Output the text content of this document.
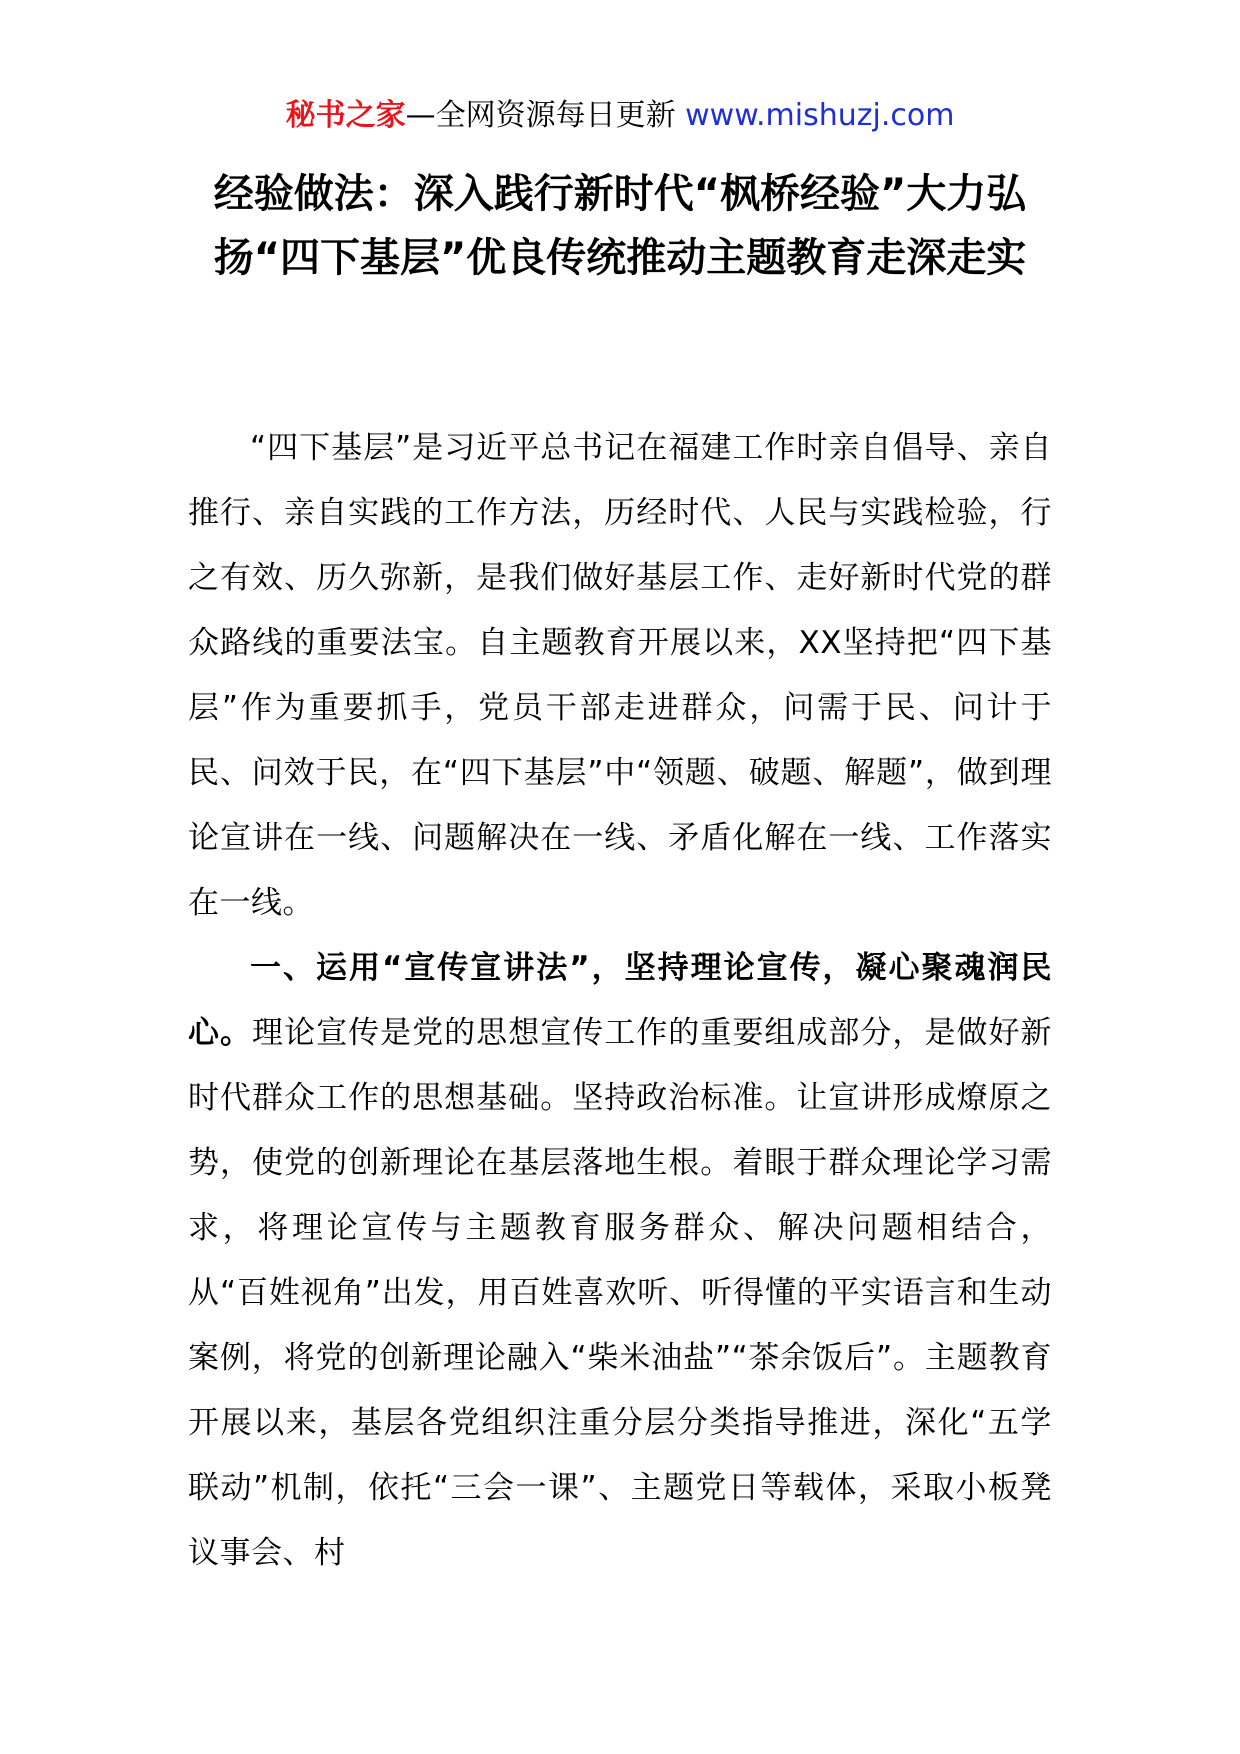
秘书之家—全网资源每日更新 www.mishuzj.com
经验做法：深入践行新时代“枫桥经验”大力弘扬“四下基层”优良传统推动主题教育走深走实

“四下基层”是习近平总书记在福建工作时亲自倡导、亲自推行、亲自实践的工作方法，历经时代、人民与实践检验，行之有效、历久弥新，是我们做好基层工作、走好新时代党的群众路线的重要法宝。自主题教育开展以来，XX坚持把“四下基层”作为重要抓手，党员干部走进群众，问需于民、问计于民、问效于民，在“四下基层”中“领题、破题、解题”，做到理论宣讲在一线、问题解决在一线、矛盾化解在一线、工作落实在一线。

一、运用“宣传宣讲法”，坚持理论宣传，凝心聚魂润民心。理论宣传是党的思想宣传工作的重要组成部分，是做好新时代群众工作的思想基础。坚持政治标准。让宣讲形成燎原之势，使党的创新理论在基层落地生根。着眼于群众理论学习需求，将理论宣传与主题教育服务群众、解决问题相结合，从“百姓视角”出发，用百姓喜欢听、听得懂的平实语言和生动案例，将党的创新理论融入“柴米油盐”“茶余饭后”。主题教育开展以来，基层各党组织注重分层分类指导推进，深化“五学联动”机制，依托“三会一课”、主题党日等载体，采取小板凳议事会、村
